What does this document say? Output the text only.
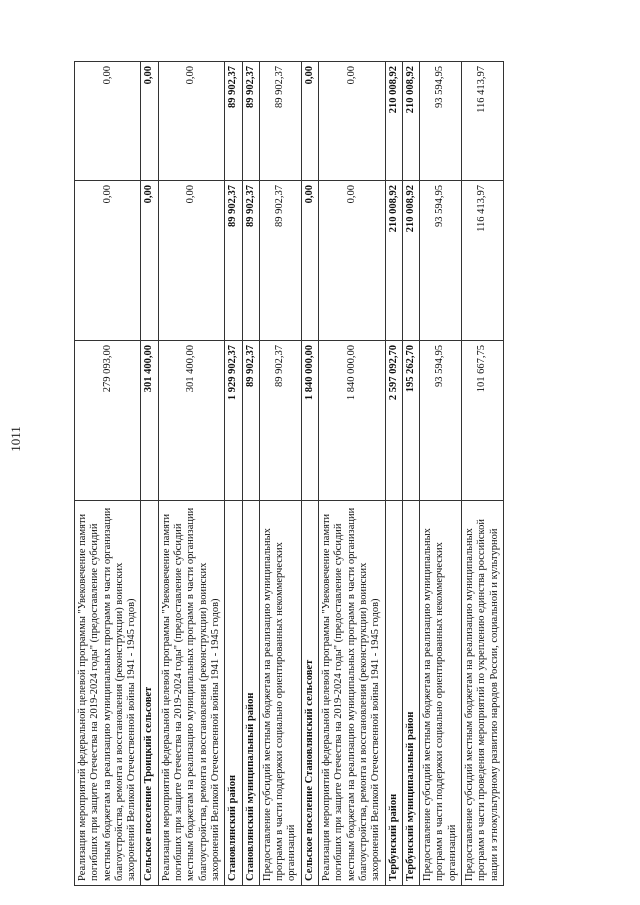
1011
Реализация мероприятий федеральной целевой программы "Увековечение памяти погибших при защите Отечества на 2019-2024 годы" (предоставление субсидий местным бюджетам на реализацию муниципальных программ в части организации благоустройства, ремонта и восстановления (реконструкции) воинских захоронений Великой Отечественной войны 1941 - 1945 годов)	279 093,00	0,00	0,00
Сельское поселение Троицкий сельсовет	301 400,00	0,00	0,00
Реализация мероприятий федеральной целевой программы "Увековечение памяти погибших при защите Отечества на 2019-2024 годы" (предоставление субсидий местным бюджетам на реализацию муниципальных программ в части организации благоустройства, ремонта и восстановления (реконструкции) воинских захоронений Великой Отечественной войны 1941 - 1945 годов)	301 400,00	0,00	0,00
Становлянский район	1 929 902,37	89 902,37	89 902,37
Становлянский муниципальный район	89 902,37	89 902,37	89 902,37
Предоставление субсидий местным бюджетам на реализацию муниципальных программ в части поддержки социально ориентированных некоммерческих организаций	89 902,37	89 902,37	89 902,37
Сельское поселение Становлянский сельсовет	1 840 000,00	0,00	0,00
Реализация мероприятий федеральной целевой программы "Увековечение памяти погибших при защите Отечества на 2019-2024 годы" (предоставление субсидий местным бюджетам на реализацию муниципальных программ в части организации благоустройства, ремонта и восстановления (реконструкции) воинских захоронений Великой Отечественной войны 1941 - 1945 годов)	1 840 000,00	0,00	0,00
Тербунский район	2 597 092,70	210 008,92	210 008,92
Тербунский муниципальный район	195 262,70	210 008,92	210 008,92
Предоставление субсидий местным бюджетам на реализацию муниципальных программ в части поддержки социально ориентированных некоммерческих организаций	93 594,95	93 594,95	93 594,95
Предоставление субсидий местным бюджетам на реализацию муниципальных программ в части проведения мероприятий по укреплению единства российской нации и этнокультурному развитию народов России, социальной и культурной	101 667,75	116 413,97	116 413,97
